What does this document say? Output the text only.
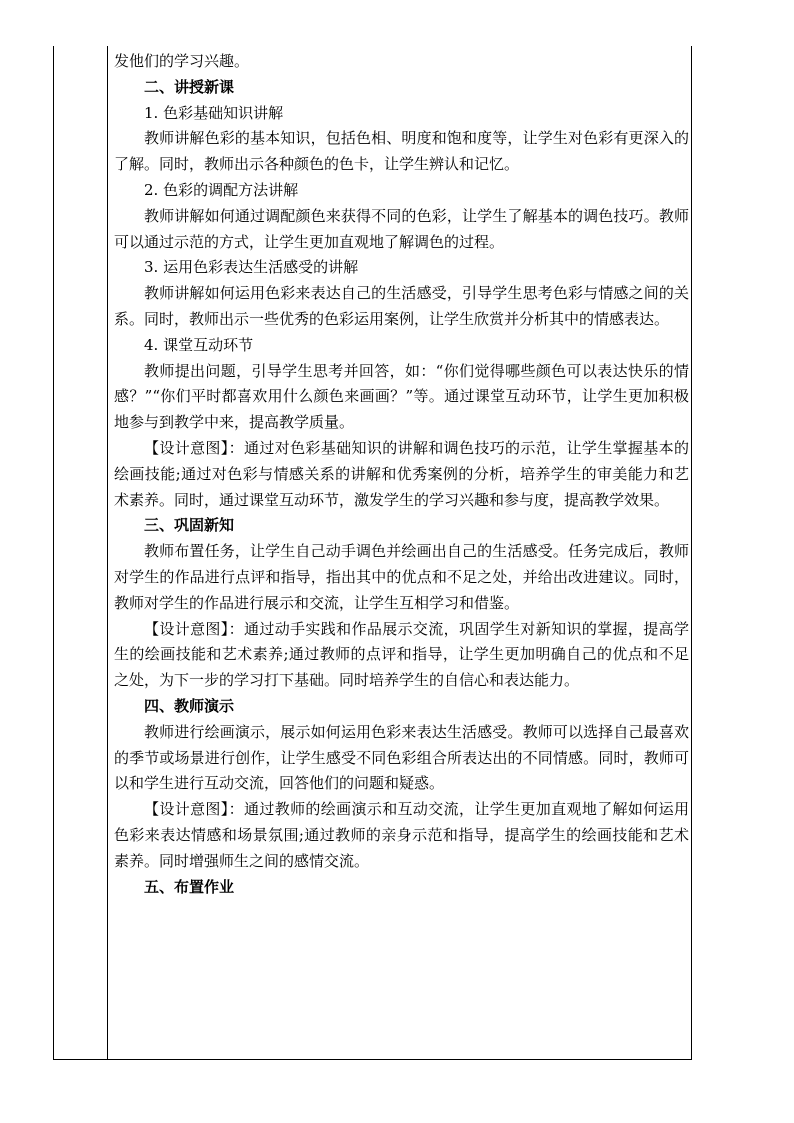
发他们的学习兴趣。

二、讲授新课

1. 色彩基础知识讲解

教师讲解色彩的基本知识，包括色相、明度和饱和度等，让学生对色彩有更深入的了解。同时，教师出示各种颜色的色卡，让学生辨认和记忆。

2. 色彩的调配方法讲解

教师讲解如何通过调配颜色来获得不同的色彩，让学生了解基本的调色技巧。教师可以通过示范的方式，让学生更加直观地了解调色的过程。

3. 运用色彩表达生活感受的讲解

教师讲解如何运用色彩来表达自己的生活感受，引导学生思考色彩与情感之间的关系。同时，教师出示一些优秀的色彩运用案例，让学生欣赏并分析其中的情感表达。

4. 课堂互动环节

教师提出问题，引导学生思考并回答，如：“你们觉得哪些颜色可以表达快乐的情感？”“你们平时都喜欢用什么颜色来画画？”等。通过课堂互动环节，让学生更加积极地参与到教学中来，提高教学质量。

【设计意图】：通过对色彩基础知识的讲解和调色技巧的示范，让学生掌握基本的绘画技能;通过对色彩与情感关系的讲解和优秀案例的分析，培养学生的审美能力和艺术素养。同时，通过课堂互动环节，激发学生的学习兴趣和参与度，提高教学效果。

三、巩固新知

教师布置任务，让学生自己动手调色并绘画出自己的生活感受。任务完成后，教师对学生的作品进行点评和指导，指出其中的优点和不足之处，并给出改进建议。同时，教师对学生的作品进行展示和交流，让学生互相学习和借鉴。

【设计意图】：通过动手实践和作品展示交流，巩固学生对新知识的掌握，提高学生的绘画技能和艺术素养;通过教师的点评和指导，让学生更加明确自己的优点和不足之处，为下一步的学习打下基础。同时培养学生的自信心和表达能力。

四、教师演示

教师进行绘画演示，展示如何运用色彩来表达生活感受。教师可以选择自己最喜欢的季节或场景进行创作，让学生感受不同色彩组合所表达出的不同情感。同时，教师可以和学生进行互动交流，回答他们的问题和疑惑。

【设计意图】：通过教师的绘画演示和互动交流，让学生更加直观地了解如何运用色彩来表达情感和场景氛围;通过教师的亲身示范和指导，提高学生的绘画技能和艺术素养。同时增强师生之间的感情交流。

五、布置作业
